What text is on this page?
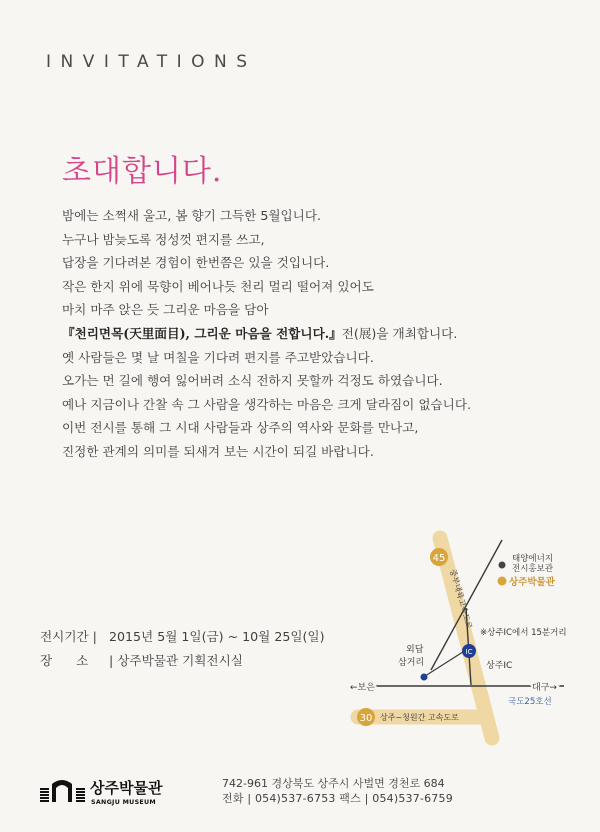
INVITATIONS
초대합니다.
밤에는 소쩍새 울고, 봄 향기 그득한 5월입니다.
누구나 밤늦도록 정성껏 편지를 쓰고,
답장을 기다려본 경험이 한번쯤은 있을 것입니다.
작은 한지 위에 묵향이 베어나듯 천리 멀리 떨어져 있어도
마치 마주 앉은 듯 그리운 마음을 담아
『천리면목(天里面目), 그리운 마음을 전합니다.』전(展)을 개최합니다.
옛 사람들은 몇 날 며칠을 기다려 편지를 주고받았습니다.
오가는 먼 길에 행여 잃어버려 소식 전하지 못할까 걱정도 하였습니다.
예나 지금이나 간찰 속 그 사람을 생각하는 마음은 크게 달라짐이 없습니다.
이번 전시를 통해 그 시대 사람들과 상주의 역사와 문화를 만나고,
진정한 관계의 의미를 되새겨 보는 시간이 되길 바랍니다.
전시기간 | 2015년 5월 1일(금) ~ 10월 25일(일)
장소| 상주박물관 기획전시실
45
30
IC
중부내륙고속도로
태양에너지
전시홍보관
상주박물관
※상주IC에서 15분거리
외답
삼거리	상주IC
←보은	대구→
국도25호선
상주~청원간 고속도로
상주박물관
SANGJU MUSEUM
742-961 경상북도 상주시 사벌면 경천로 684
전화 | 054)537-6753 팩스 | 054)537-6759
